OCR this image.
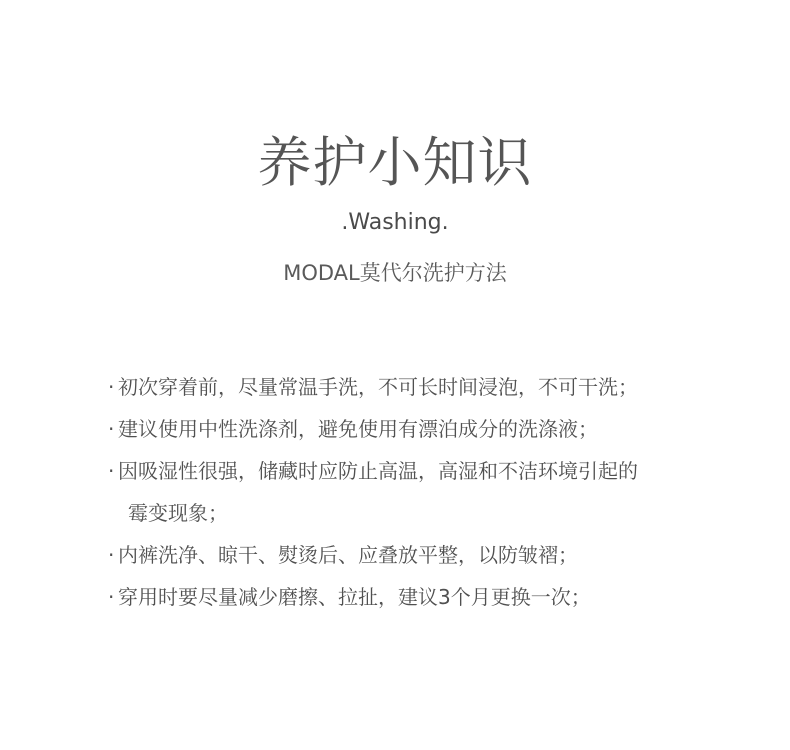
养护小知识

.Washing.

MODAL莫代尔洗护方法

· 初次穿着前，尽量常温手洗，不可长时间浸泡，不可干洗；
· 建议使用中性洗涤剂，避免使用有漂泊成分的洗涤液；
· 因吸湿性很强，储藏时应防止高温，高湿和不洁环境引起的
霉变现象；
· 内裤洗净、晾干、熨烫后、应叠放平整，以防皱褶；
· 穿用时要尽量减少磨擦、拉扯，建议3个月更换一次；
